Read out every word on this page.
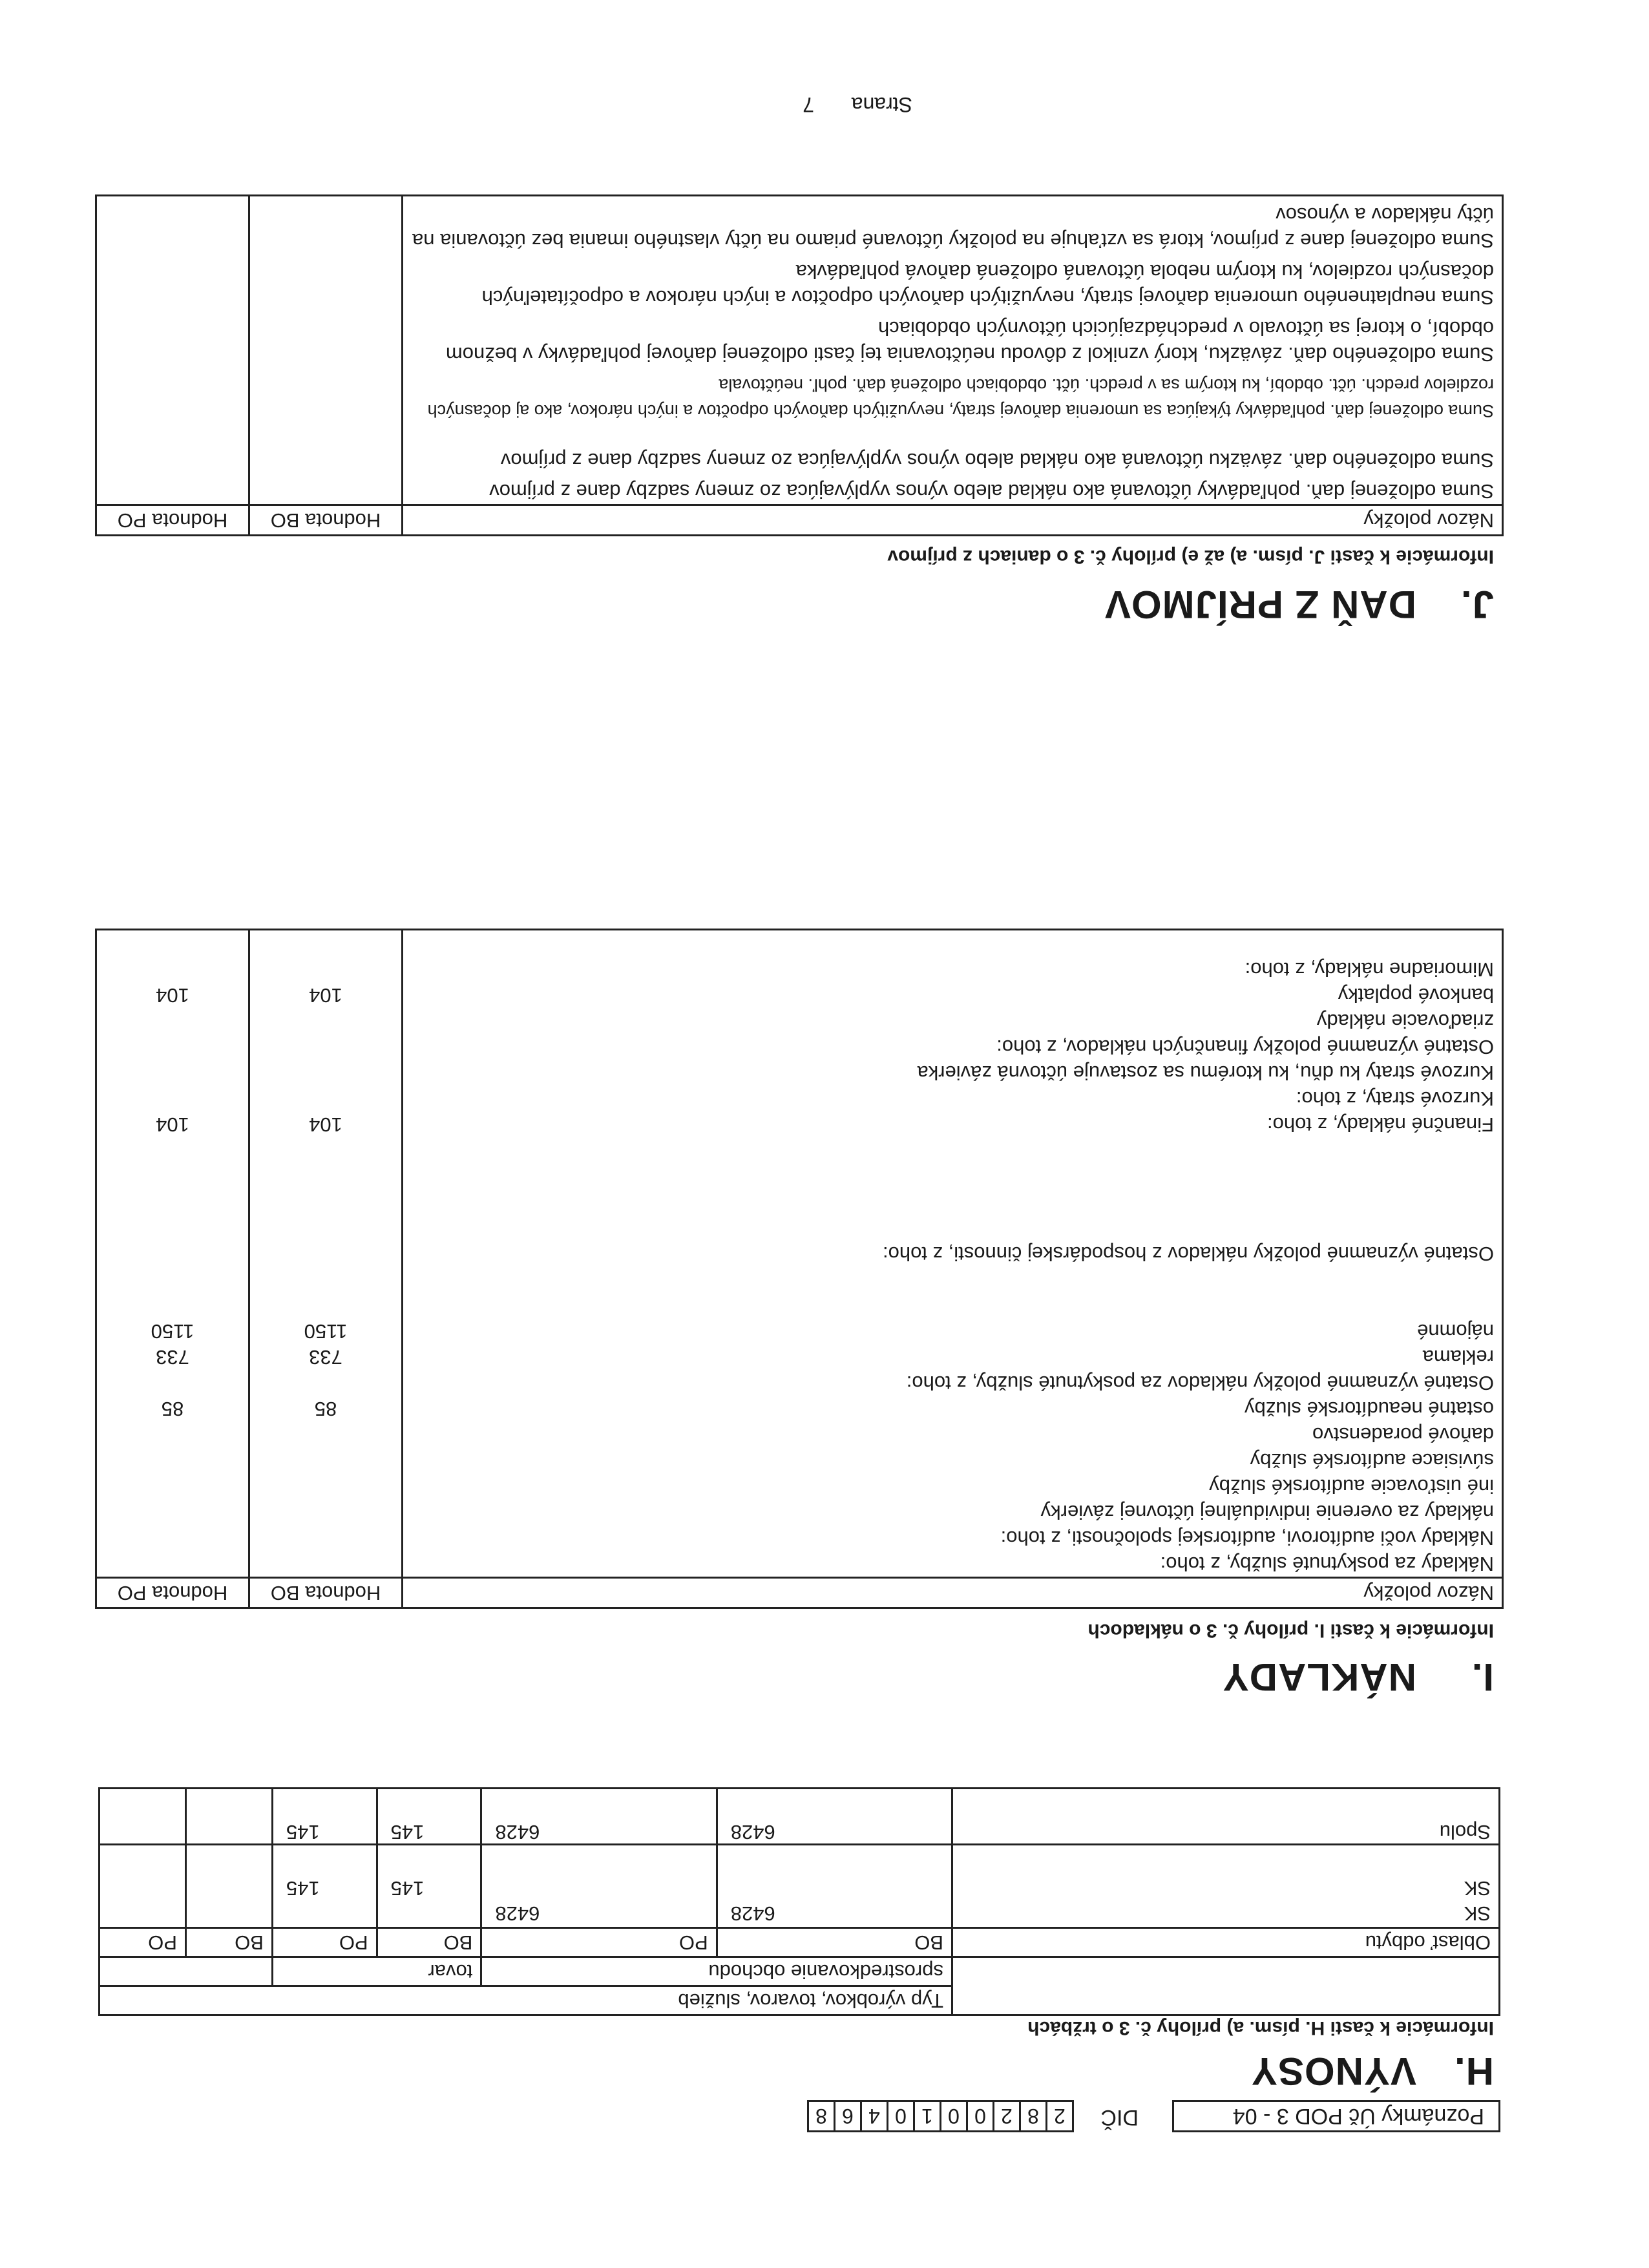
Poznámky Úč POD 3 - 04
DIČ
2	8	2	0	0	1	0	4	6	8
H.VÝNOSY
Informácie k časti H. písm. a) prílohy č. 3 o tržbách
	Typ výrobkov, tovarov, služieb					
	sprostredkovanie obchodu		tovar			
Oblasť odbytu	BO	PO	BO	PO	BO	PO
SK	6428	6428				
SK			145	145		
Spolu	6428	6428	145	145		
I.NÁKLADY
Informácie k časti I. prílohy č. 3 o nákladoch
Názov položky	Hodnota BO	Hodnota PO
Náklady za poskytnuté služby, z toho:		
Náklady voči audítorovi, audítorskej spoločnosti, z toho:		
náklady za overenie individuálnej účtovnej závierky		
iné uisťovacie audítorské služby		
súvisiace audítorské služby		
daňové poradenstvo		
ostatné neaudítorské služby	85	85
Ostatné významné položky nákladov za poskytnuté služby, z toho:		
reklama	733	733
nájomné	1150	1150

Ostatné významné položky nákladov z hospodárskej činnosti, z toho:		

Finančné náklady, z toho:	104	104
Kurzové straty, z toho:		
Kurzové straty ku dňu, ku ktorému sa zostavuje účtovná závierka		
Ostatné významné položky finančných nákladov, z toho:		
zriaďovacie náklady		
bankové poplatky	104	104
Mimoriadne náklady, z toho:		

J.DAŇ Z PRÍJMOV
Informácie k časti J. písm. a) až e) prílohy č. 3 o daniach z príjmov
Názov položky	Hodnota BO	Hodnota PO
Suma odloženej daň. pohľadávky účtovaná ako náklad alebo výnos vyplývajúca zo zmeny sadzby dane z príjmov		
Suma odloženého daň. záväzku účtovaná ako náklad alebo výnos vyplývajúca zo zmeny sadzby dane z príjmov		
Suma odloženej daň. pohľadávky týkajúca sa umorenia daňovej straty, nevyužitých daňových odpočtov a iných nárokov, ako aj dočasných rozdielov predch. účt. období, ku ktorým sa v predch. účt. obdobiach odložená daň. pohľ. neúčtovala		
Suma odloženého daň. záväzku, ktorý vznikol z dôvodu neúčtovania tej časti odloženej daňovej pohľadávky v bežnom období, o ktorej sa účtovalo v predchádzajúcich účtovných obdobiach		
Suma neuplatneného umorenia daňovej straty, nevyužitých daňových odpočtov a iných nárokov a odpočítateľných dočasných rozdielov, ku ktorým nebola účtovaná odložená daňová pohľadávka		
Suma odloženej dane z príjmov, ktorá sa vzťahuje na položky účtované priamo na účty vlastného imania bez účtovania na účty nákladov a výnosov		
Strana  7
